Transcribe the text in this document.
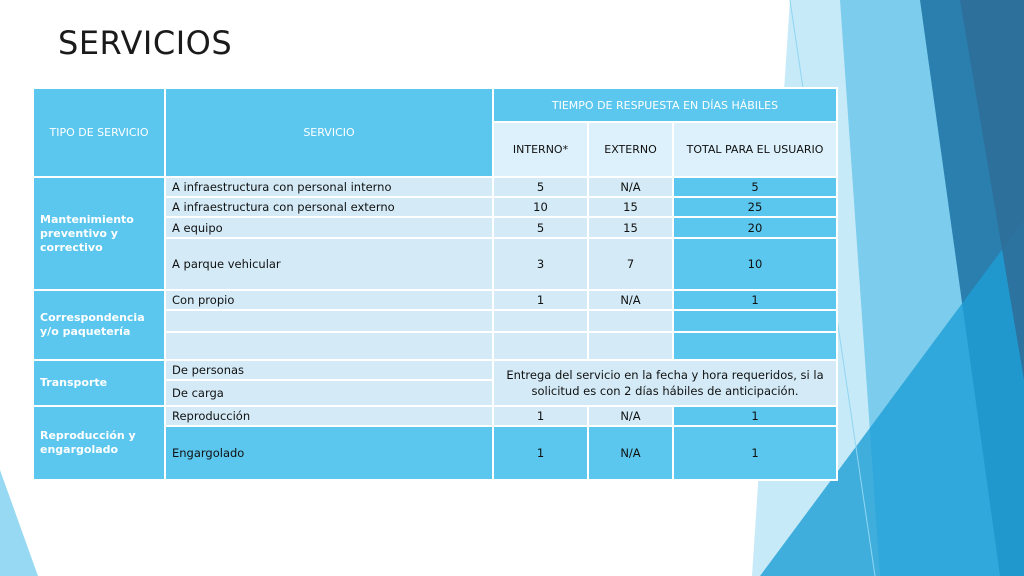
SERVICIOS
TIPO DE SERVICIO	SERVICIO	TIEMPO DE RESPUESTA EN DÍAS HÁBILES		
		INTERNO*	EXTERNO	TOTAL PARA EL USUARIO
Mantenimiento preventivo y correctivo	A infraestructura con personal interno	5	N/A	5
	A infraestructura con personal externo	10	15	25
	A equipo	5	15	20
	A parque vehicular	3	7	10
Correspondencia y/o paquetería	Con propio	1	N/A	1

Transporte	De personas	Entrega del servicio en la fecha y hora requeridos, si la solicitud es con 2 días hábiles de anticipación.		
	De carga			
Reproducción y engargolado	Reproducción	1	N/A	1
	Engargolado	1	N/A	1
